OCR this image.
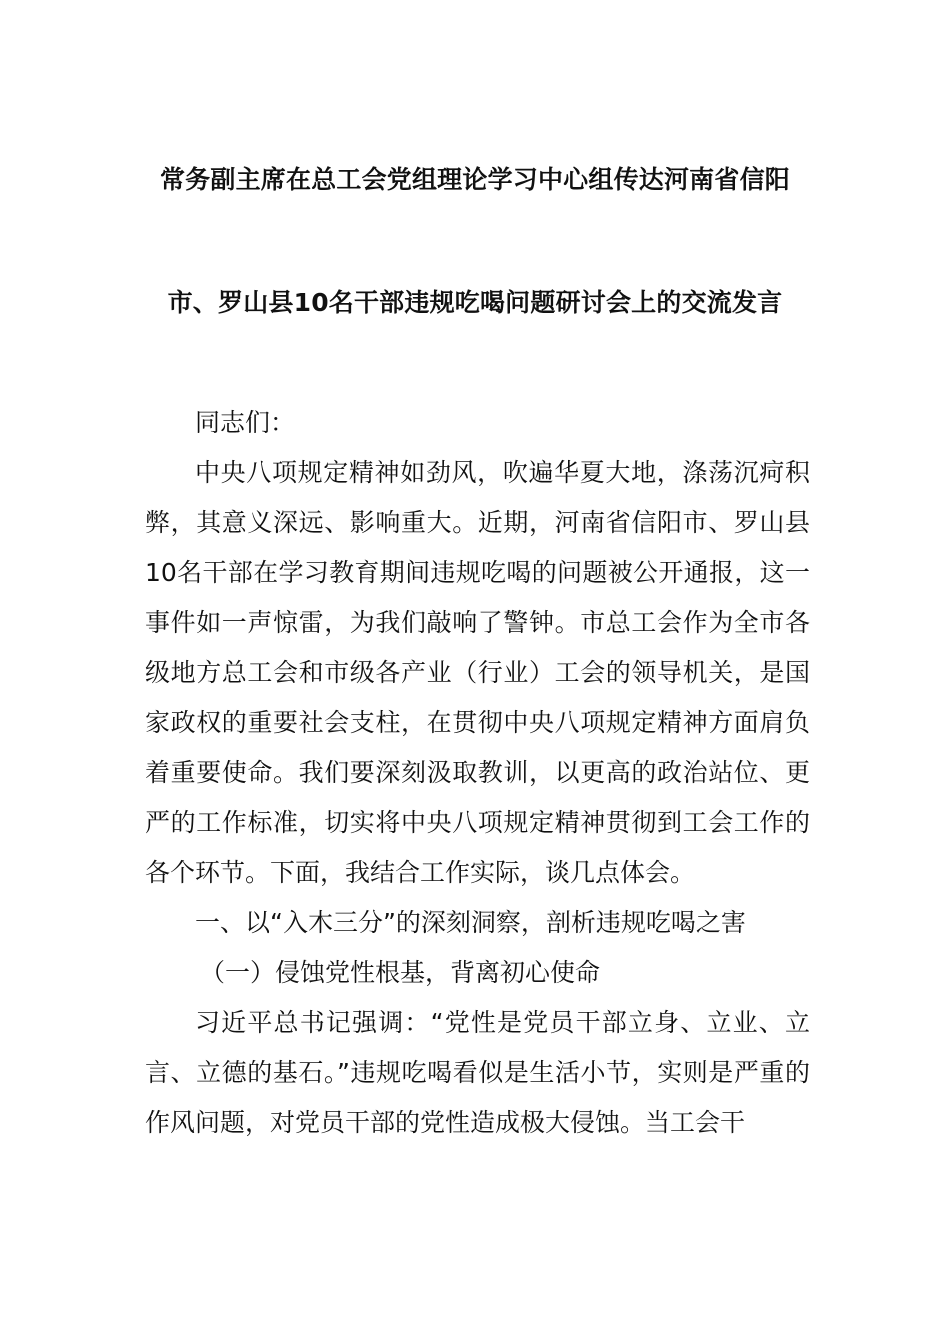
常务副主席在总工会党组理论学习中心组传达河南省信阳
市、罗山县10名干部违规吃喝问题研讨会上的交流发言

同志们：

中央八项规定精神如劲风，吹遍华夏大地，涤荡沉疴积弊，其意义深远、影响重大。近期，河南省信阳市、罗山县10名干部在学习教育期间违规吃喝的问题被公开通报，这一事件如一声惊雷，为我们敲响了警钟。市总工会作为全市各级地方总工会和市级各产业（行业）工会的领导机关，是国家政权的重要社会支柱，在贯彻中央八项规定精神方面肩负着重要使命。我们要深刻汲取教训，以更高的政治站位、更严的工作标准，切实将中央八项规定精神贯彻到工会工作的各个环节。下面，我结合工作实际，谈几点体会。

一、以“入木三分”的深刻洞察，剖析违规吃喝之害

（一）侵蚀党性根基，背离初心使命

习近平总书记强调：“党性是党员干部立身、立业、立言、立德的基石。”违规吃喝看似是生活小节，实则是严重的作风问题，对党员干部的党性造成极大侵蚀。当工会干
